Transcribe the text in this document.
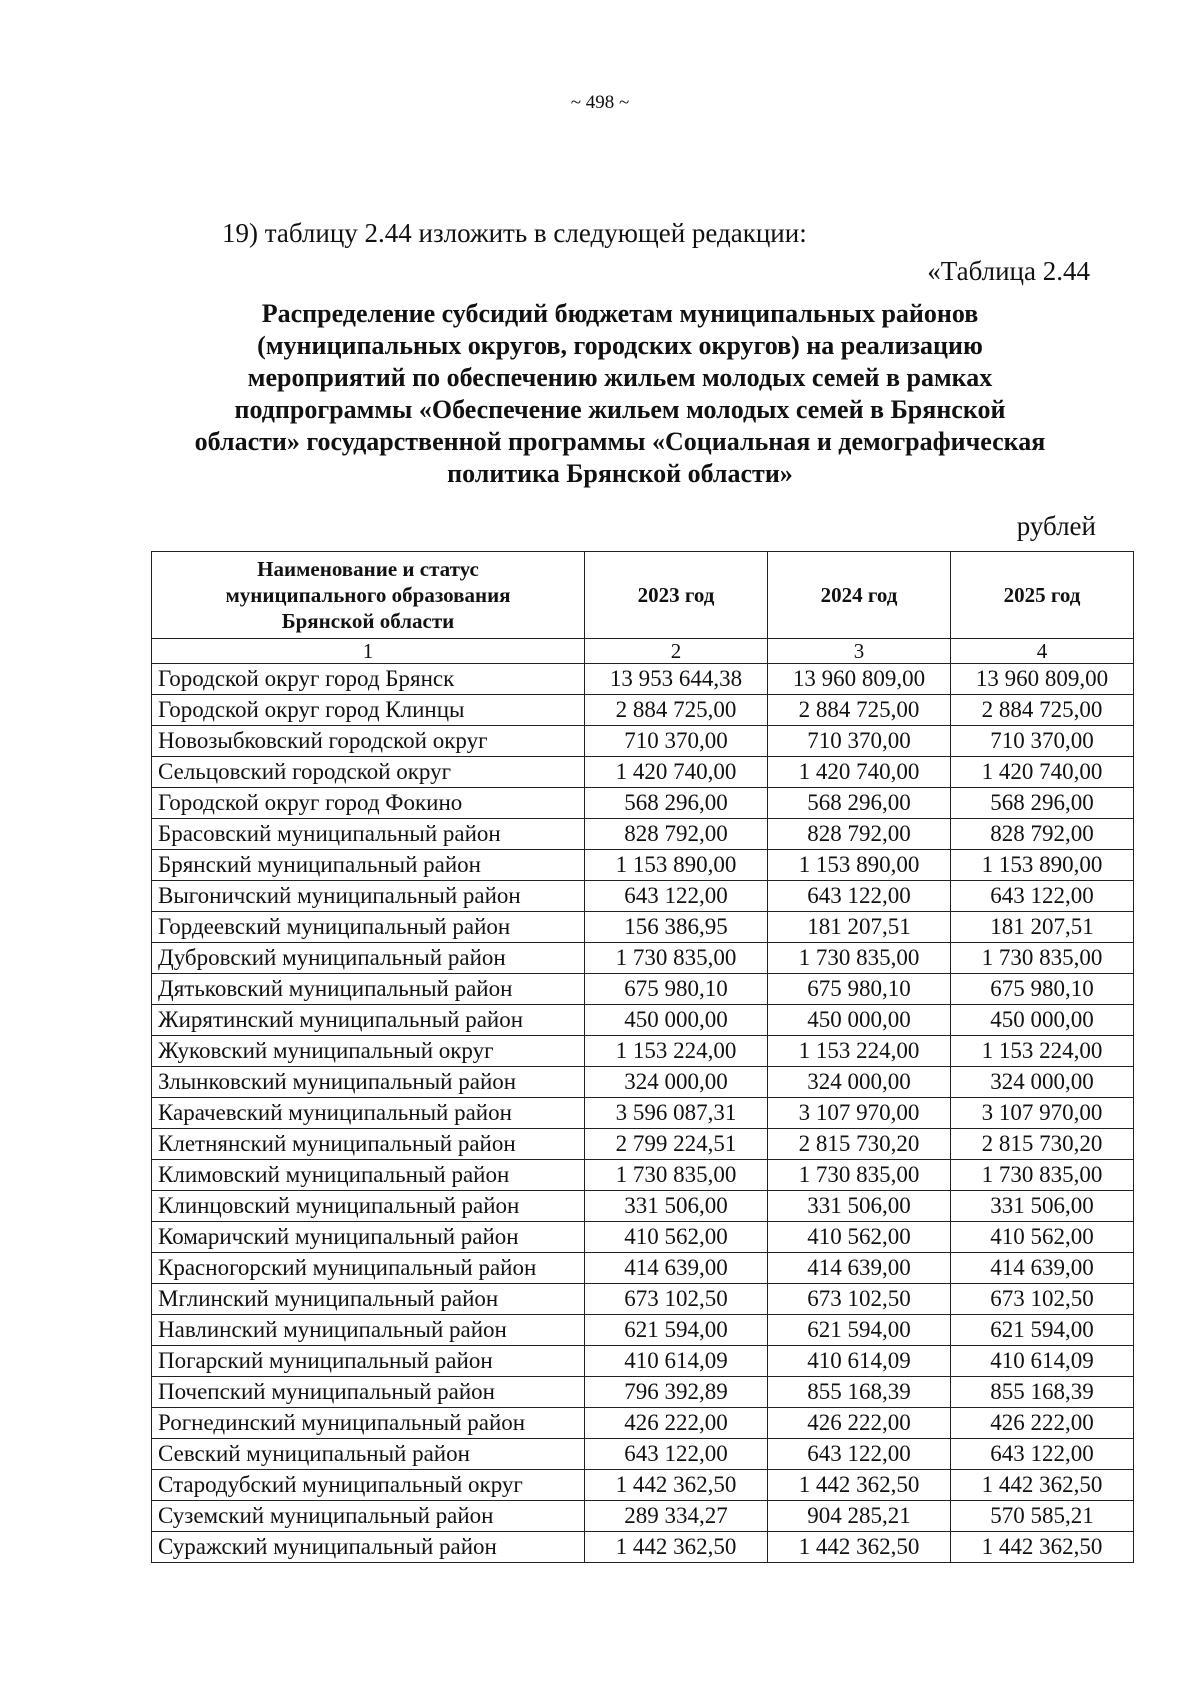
~ 498 ~
19) таблицу 2.44 изложить в следующей редакции:
«Таблица 2.44
Распределение субсидий бюджетам муниципальных районов
(муниципальных округов, городских округов) на реализацию
мероприятий по обеспечению жильем молодых семей в рамках
подпрограммы «Обеспечение жильем молодых семей в Брянской
области» государственной программы «Социальная и демографическая
политика Брянской области»
рублей
Наименование и статус
муниципального образования
Брянской области	2023 год	2024 год	2025 год
1	2	3	4
Городской округ город Брянск	13 953 644,38	13 960 809,00	13 960 809,00
Городской округ город Клинцы	2 884 725,00	2 884 725,00	2 884 725,00
Новозыбковский городской округ	710 370,00	710 370,00	710 370,00
Сельцовский городской округ	1 420 740,00	1 420 740,00	1 420 740,00
Городской округ город Фокино	568 296,00	568 296,00	568 296,00
Брасовский муниципальный район	828 792,00	828 792,00	828 792,00
Брянский муниципальный район	1 153 890,00	1 153 890,00	1 153 890,00
Выгоничский муниципальный район	643 122,00	643 122,00	643 122,00
Гордеевский муниципальный район	156 386,95	181 207,51	181 207,51
Дубровский муниципальный район	1 730 835,00	1 730 835,00	1 730 835,00
Дятьковский муниципальный район	675 980,10	675 980,10	675 980,10
Жирятинский муниципальный район	450 000,00	450 000,00	450 000,00
Жуковский муниципальный округ	1 153 224,00	1 153 224,00	1 153 224,00
Злынковский муниципальный район	324 000,00	324 000,00	324 000,00
Карачевский муниципальный район	3 596 087,31	3 107 970,00	3 107 970,00
Клетнянский муниципальный район	2 799 224,51	2 815 730,20	2 815 730,20
Климовский муниципальный район	1 730 835,00	1 730 835,00	1 730 835,00
Клинцовский муниципальный район	331 506,00	331 506,00	331 506,00
Комаричский муниципальный район	410 562,00	410 562,00	410 562,00
Красногорский муниципальный район	414 639,00	414 639,00	414 639,00
Мглинский муниципальный район	673 102,50	673 102,50	673 102,50
Навлинский муниципальный район	621 594,00	621 594,00	621 594,00
Погарский муниципальный район	410 614,09	410 614,09	410 614,09
Почепский муниципальный район	796 392,89	855 168,39	855 168,39
Рогнединский муниципальный район	426 222,00	426 222,00	426 222,00
Севский муниципальный район	643 122,00	643 122,00	643 122,00
Стародубский муниципальный округ	1 442 362,50	1 442 362,50	1 442 362,50
Суземский муниципальный район	289 334,27	904 285,21	570 585,21
Суражский муниципальный район	1 442 362,50	1 442 362,50	1 442 362,50
